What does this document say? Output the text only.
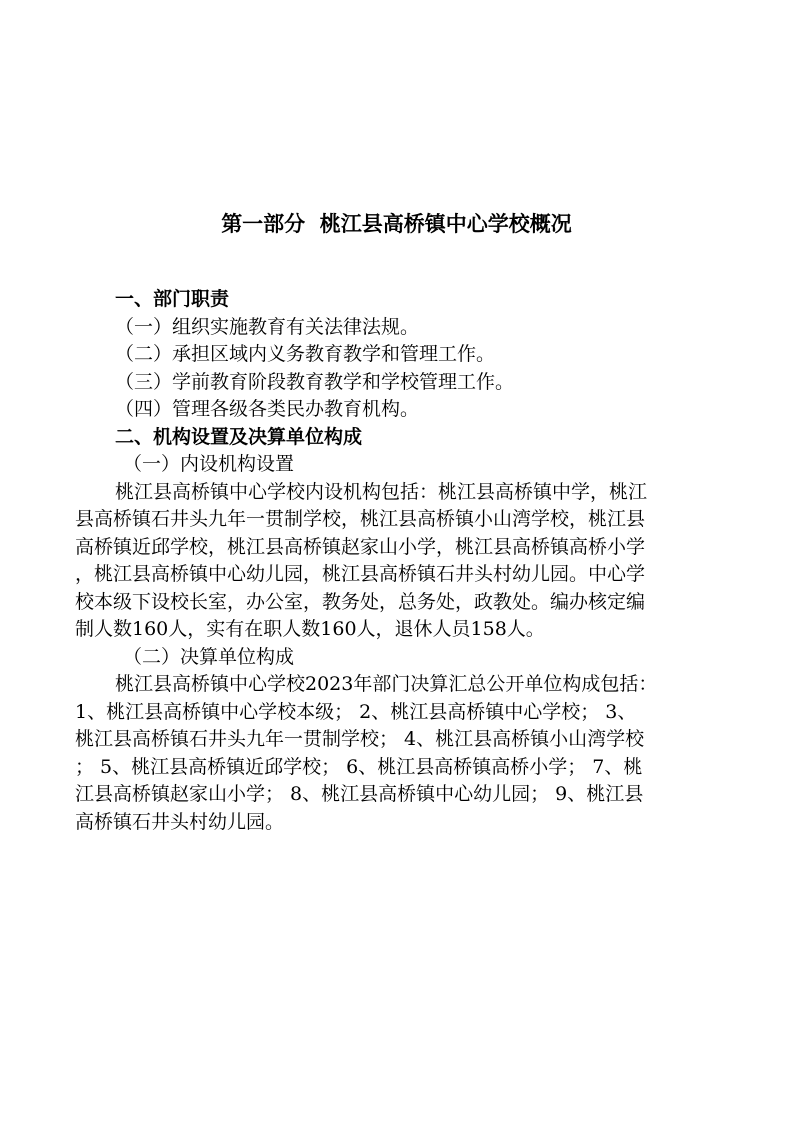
第一部分  桃江县高桥镇中心学校概况
一、部门职责
（一）组织实施教育有关法律法规。
（二）承担区域内义务教育教学和管理工作。
（三）学前教育阶段教育教学和学校管理工作。
（四）管理各级各类民办教育机构。
二、机构设置及决算单位构成
（一）内设机构设置
桃江县高桥镇中心学校内设机构包括：桃江县高桥镇中学，桃江
县高桥镇石井头九年一贯制学校，桃江县高桥镇小山湾学校，桃江县
高桥镇近邱学校，桃江县高桥镇赵家山小学，桃江县高桥镇高桥小学
，桃江县高桥镇中心幼儿园，桃江县高桥镇石井头村幼儿园。中心学
校本级下设校长室，办公室，教务处，总务处，政教处。编办核定编
制人数160人，实有在职人数160人，退休人员158人。
（二）决算单位构成
桃江县高桥镇中心学校2023年部门决算汇总公开单位构成包括：
1、桃江县高桥镇中心学校本级； 2、桃江县高桥镇中心学校； 3、
桃江县高桥镇石井头九年一贯制学校； 4、桃江县高桥镇小山湾学校
； 5、桃江县高桥镇近邱学校； 6、桃江县高桥镇高桥小学； 7、桃
江县高桥镇赵家山小学； 8、桃江县高桥镇中心幼儿园； 9、桃江县
高桥镇石井头村幼儿园。
